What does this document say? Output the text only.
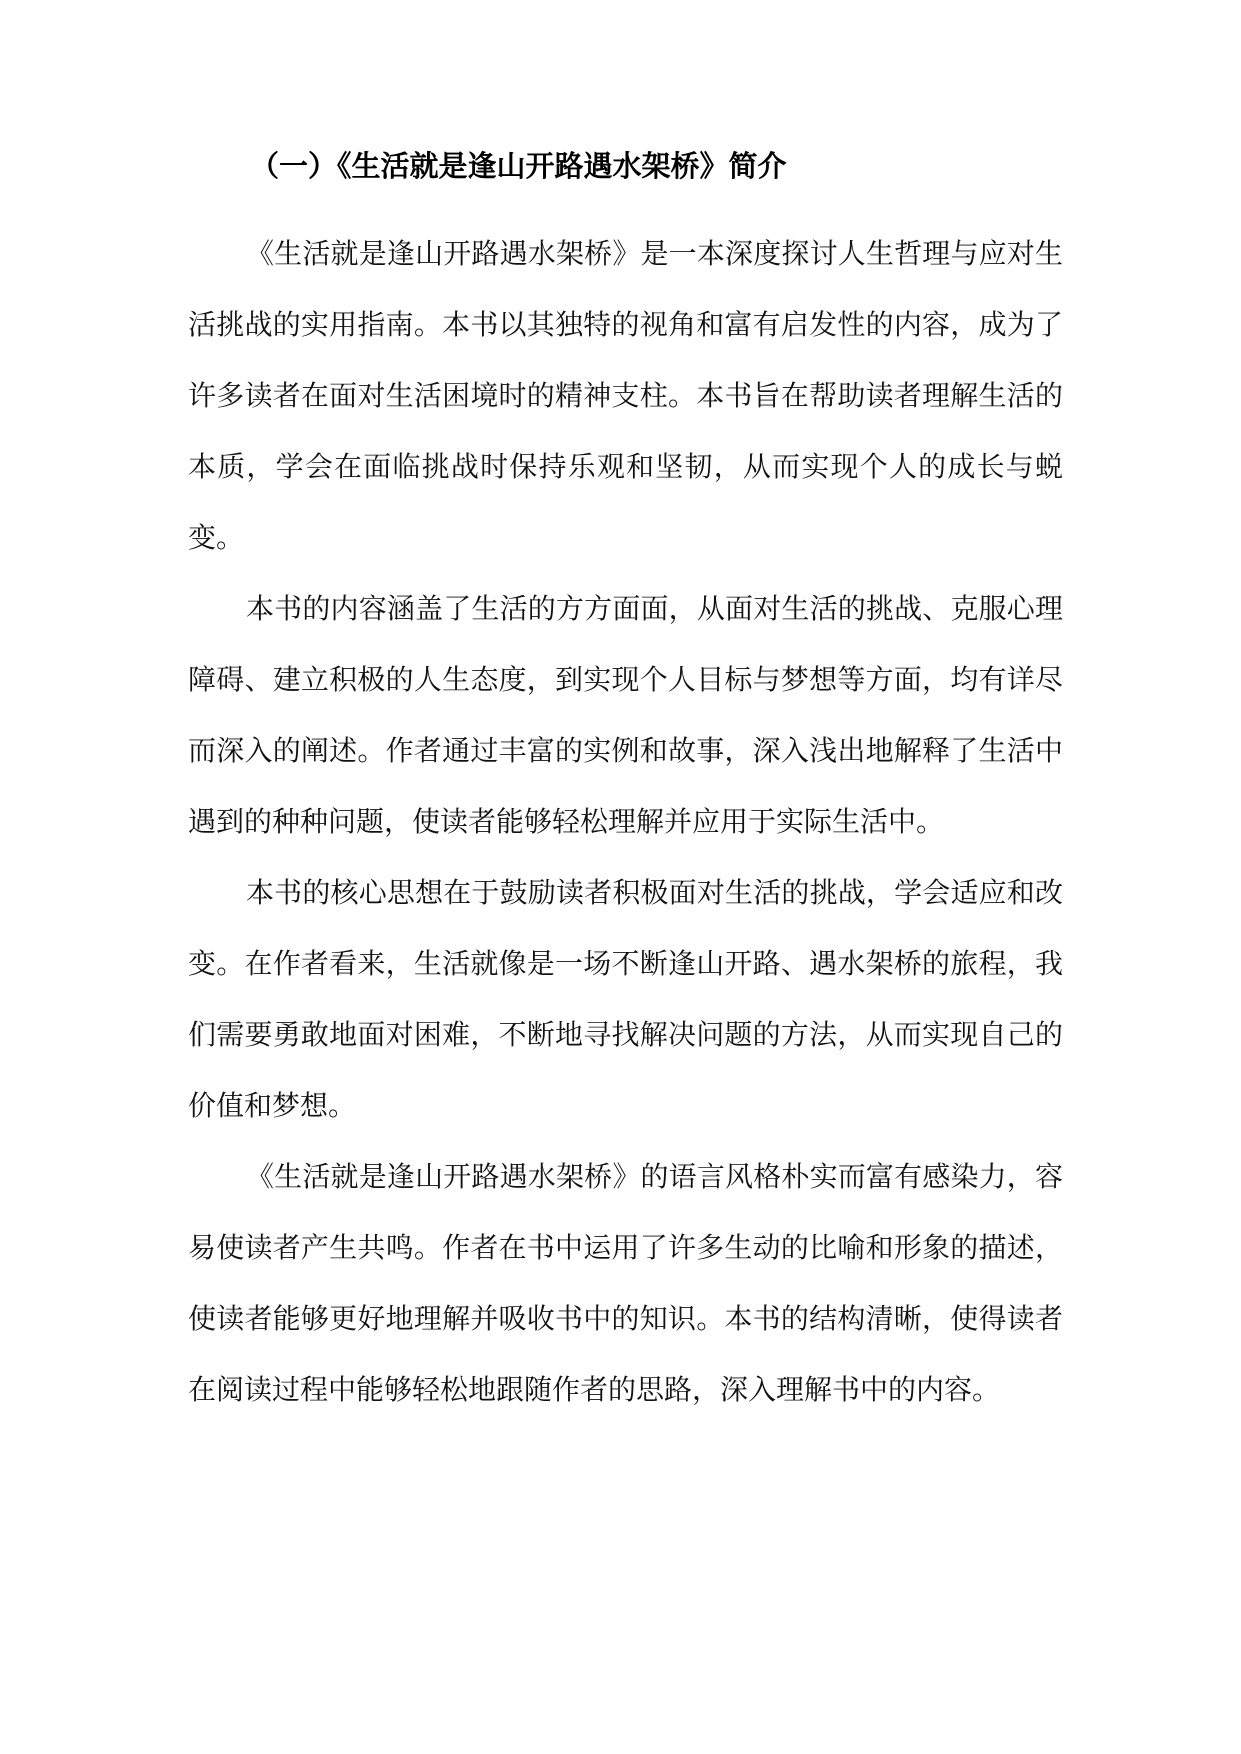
（一）《生活就是逢山开路遇水架桥》简介

《生活就是逢山开路遇水架桥》是一本深度探讨人生哲理与应对生活挑战的实用指南。本书以其独特的视角和富有启发性的内容，成为了许多读者在面对生活困境时的精神支柱。本书旨在帮助读者理解生活的本质，学会在面临挑战时保持乐观和坚韧，从而实现个人的成长与蜕变。

本书的内容涵盖了生活的方方面面，从面对生活的挑战、克服心理障碍、建立积极的人生态度，到实现个人目标与梦想等方面，均有详尽而深入的阐述。作者通过丰富的实例和故事，深入浅出地解释了生活中遇到的种种问题，使读者能够轻松理解并应用于实际生活中。

本书的核心思想在于鼓励读者积极面对生活的挑战，学会适应和改变。在作者看来，生活就像是一场不断逢山开路、遇水架桥的旅程，我们需要勇敢地面对困难，不断地寻找解决问题的方法，从而实现自己的价值和梦想。

《生活就是逢山开路遇水架桥》的语言风格朴实而富有感染力，容易使读者产生共鸣。作者在书中运用了许多生动的比喻和形象的描述，使读者能够更好地理解并吸收书中的知识。本书的结构清晰，使得读者在阅读过程中能够轻松地跟随作者的思路，深入理解书中的内容。
